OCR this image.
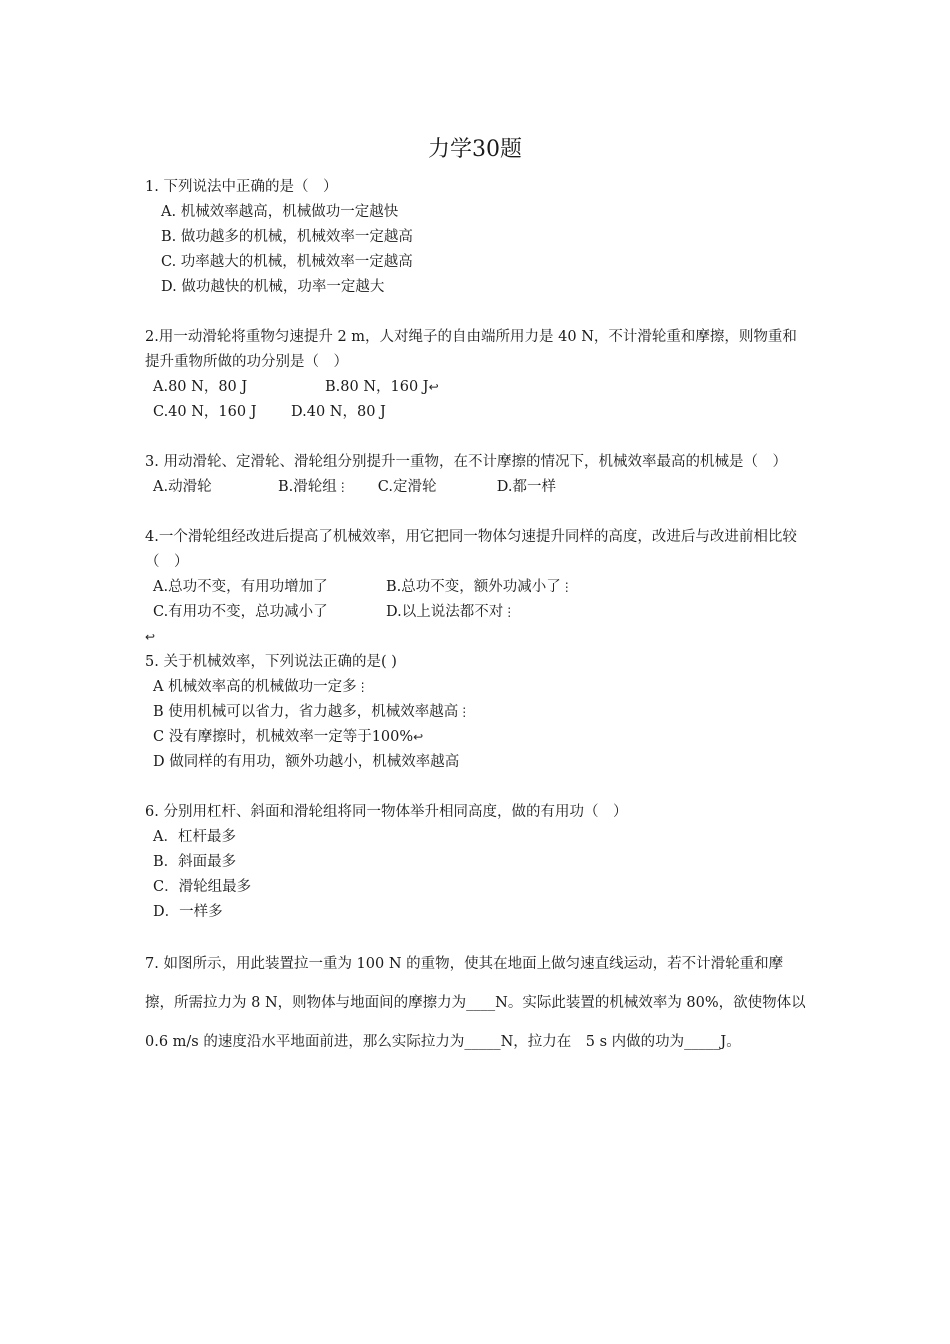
力学30题
1. 下列说法中正确的是（　）
A. 机械效率越高，机械做功一定越快
B. 做功越多的机械，机械效率一定越高
C. 功率越大的机械，机械效率一定越高
D. 做功越快的机械，功率一定越大
2.用一动滑轮将重物匀速提升 2 m，人对绳子的自由端所用力是 40 N，不计滑轮重和摩擦，则物重和提升重物所做的功分别是（　）
A.80 N，80 J	B.80 N，160 J ↩
C.40 N，160 J	D.40 N，80 J
3. 用动滑轮、定滑轮、滑轮组分别提升一重物，在不计摩擦的情况下，机械效率最高的机械是（　）
A.动滑轮	B.滑轮组 ⋮	C.定滑轮	D.都一样
4.一个滑轮组经改进后提高了机械效率，用它把同一物体匀速提升同样的高度，改进后与改进前相比较（　）
A.总功不变，有用功增加了	B.总功不变，额外功减小了 ⋮
C.有用功不变，总功减小了	D.以上说法都不对 ⋮
↩
5. 关于机械效率，下列说法正确的是( )
A 机械效率高的机械做功一定多⋮
B 使用机械可以省力，省力越多，机械效率越高⋮
C 没有摩擦时，机械效率一定等于100%↩
D 做同样的有用功，额外功越小，机械效率越高
6. 分别用杠杆、斜面和滑轮组将同一物体举升相同高度，做的有用功（　）
A．杠杆最多
B．斜面最多
C．滑轮组最多
D．一样多
7. 如图所示，用此装置拉一重为 100 N 的重物，使其在地面上做匀速直线运动，若不计滑轮重和摩擦，所需拉力为 8 N，则物体与地面间的摩擦力为____N。实际此装置的机械效率为 80%，欲使物体以 0.6 m/s 的速度沿水平地面前进，那么实际拉力为_____N，拉力在　5 s 内做的功为_____J。
